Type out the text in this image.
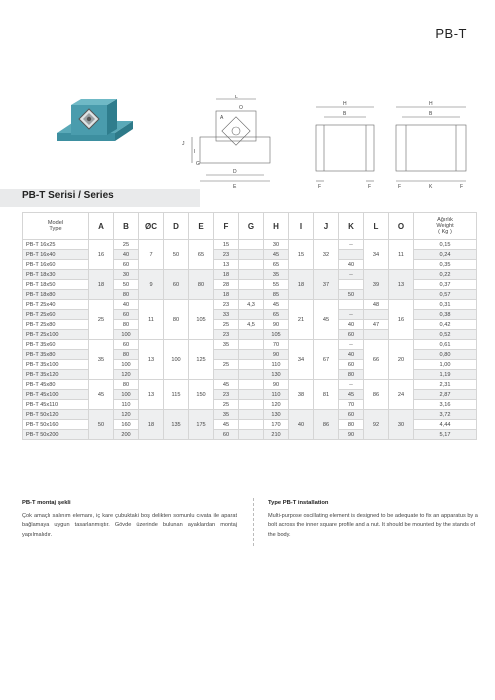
PB-T
L
O
A
J
I
G
D
E
H
B
F	F
H
B
F	K	F
PB-T Serisi / Series
Model
Type	A	B	ØC	D	E	F	G	H	I	J	K	L	O	Ağırlık
Weight
( Kg )
PB-T 16x25	16	25	7	50	65	15		30	15	32	--	34	11	0,15
PB-T 16x40		40				23		45						0,24
PB-T 16x60		60				13		65			40			0,35
PB-T 18x30	18	30	9	60	80	18		35	18	37	--	39	13	0,22
PB-T 18x50		50				28		55						0,37
PB-T 18x80		80				18		85			50			0,57
PB-T 25x40	25	40	11	80	105	23	4,3	45	21	45		48	16	0,31
PB-T 25x60		60				33		65			--			0,38
PB-T 25x80		80				25	4,5	90			40	47		0,42
PB-T 25x100		100				23		105			60			0,52
PB-T 35x60	35	60	13	100	125	35		70	34	67	--	66	20	0,61
PB-T 35x80		80						90			40			0,80
PB-T 35x100		100				25		110			60			1,00
PB-T 35x120		120						130			80			1,19
PB-T 45x80	45	80	13	115	150	45		90	38	81	--	86	24	2,31
PB-T 45x100		100				23		110			45			2,87
PB-T 45x110		110				25		120			70			3,16
PB-T 50x120	50	120	18	135	175	35		130	40	86	60	92	30	3,72
PB-T 50x160		160				45		170			80			4,44
PB-T 50x200		200				60		210			90			5,17
PB-T montaj şekli

Çok amaçlı salınım elemanı, iç kare çubuktaki boş delikten somunlu cıvata ile aparat bağlamaya uygun tasarlanmıştır. Gövde üzerinde bulunan ayaklardan montaj yapılmalıdır.

Type PB-T installation

Multi-purpose oscillating element is designed to be adequate to fix an apparatus by a bolt across the inner square profile and a nut. It should be mounted by the stands of the body.
